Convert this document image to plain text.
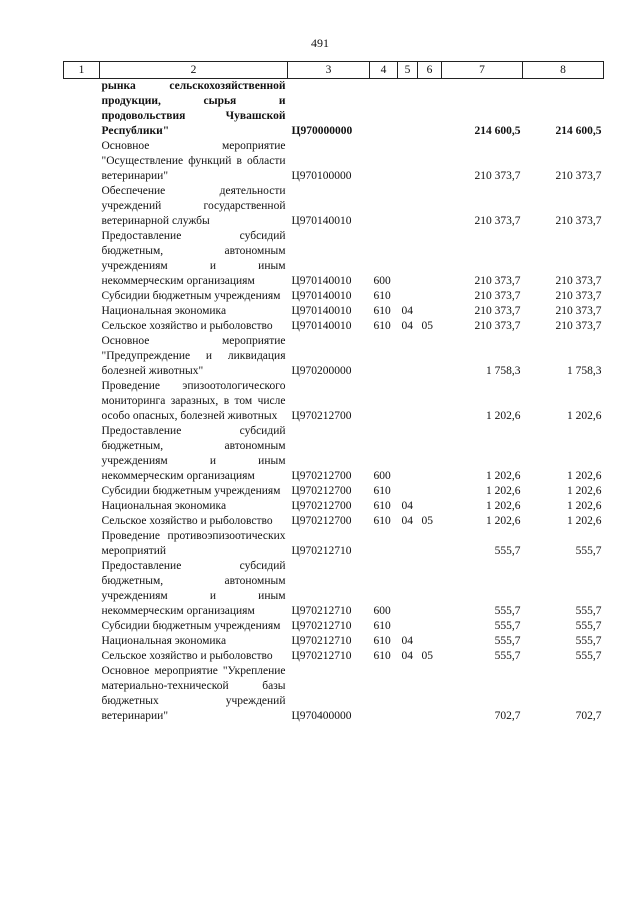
491
1	2	3	4	5	6	7	8
	рынка сельскохозяйственной продукции, сырья и продовольствия Чувашской Республики"	Ц970000000				214 600,5	214 600,5
	Основное мероприятие "Осуществление функций в области ветеринарии"	Ц970100000				210 373,7	210 373,7
	Обеспечение деятельности учреждений государственной ветеринарной службы	Ц970140010				210 373,7	210 373,7
	Предоставление субсидий бюджетным, автономным учреждениям и иным некоммерческим организациям	Ц970140010	600			210 373,7	210 373,7
	Субсидии бюджетным учреждениям	Ц970140010	610			210 373,7	210 373,7
	Национальная экономика	Ц970140010	610	04		210 373,7	210 373,7
	Сельское хозяйство и рыболовство	Ц970140010	610	04	05	210 373,7	210 373,7
	Основное мероприятие "Предупреждение и ликвидация болезней животных"	Ц970200000				1 758,3	1 758,3
	Проведение эпизоотологического мониторинга заразных, в том числе особо опасных, болезней животных	Ц970212700				1 202,6	1 202,6
	Предоставление субсидий бюджетным, автономным учреждениям и иным некоммерческим организациям	Ц970212700	600			1 202,6	1 202,6
	Субсидии бюджетным учреждениям	Ц970212700	610			1 202,6	1 202,6
	Национальная экономика	Ц970212700	610	04		1 202,6	1 202,6
	Сельское хозяйство и рыболовство	Ц970212700	610	04	05	1 202,6	1 202,6
	Проведение противоэпизоотических мероприятий	Ц970212710				555,7	555,7
	Предоставление субсидий бюджетным, автономным учреждениям и иным некоммерческим организациям	Ц970212710	600			555,7	555,7
	Субсидии бюджетным учреждениям	Ц970212710	610			555,7	555,7
	Национальная экономика	Ц970212710	610	04		555,7	555,7
	Сельское хозяйство и рыболовство	Ц970212710	610	04	05	555,7	555,7
	Основное мероприятие "Укрепление материально-технической базы бюджетных учреждений ветеринарии"	Ц970400000				702,7	702,7
